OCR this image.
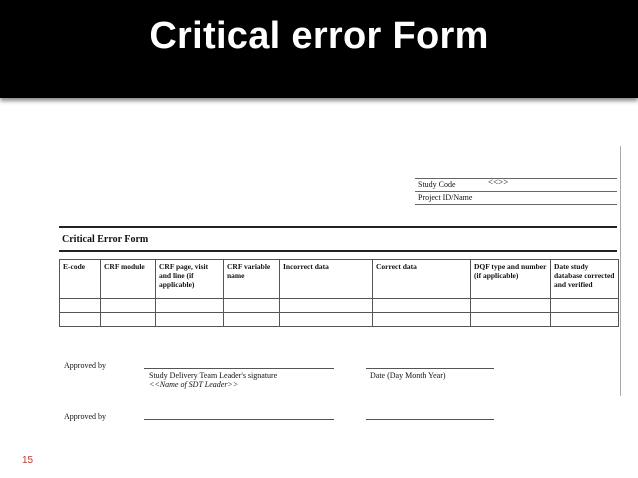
Critical error Form
Study Code	<<>>
Project ID/Name
Critical Error Form
E-code	CRF module	CRF page, visit and line (if applicable)	CRF variable name	Incorrect data	Correct data	DQF type and number (if applicable)	Date study database corrected and verified

Approved by
Study Delivery Team Leader's signature
<<Name of SDT Leader>>
Date (Day Month Year)
Approved by
15
